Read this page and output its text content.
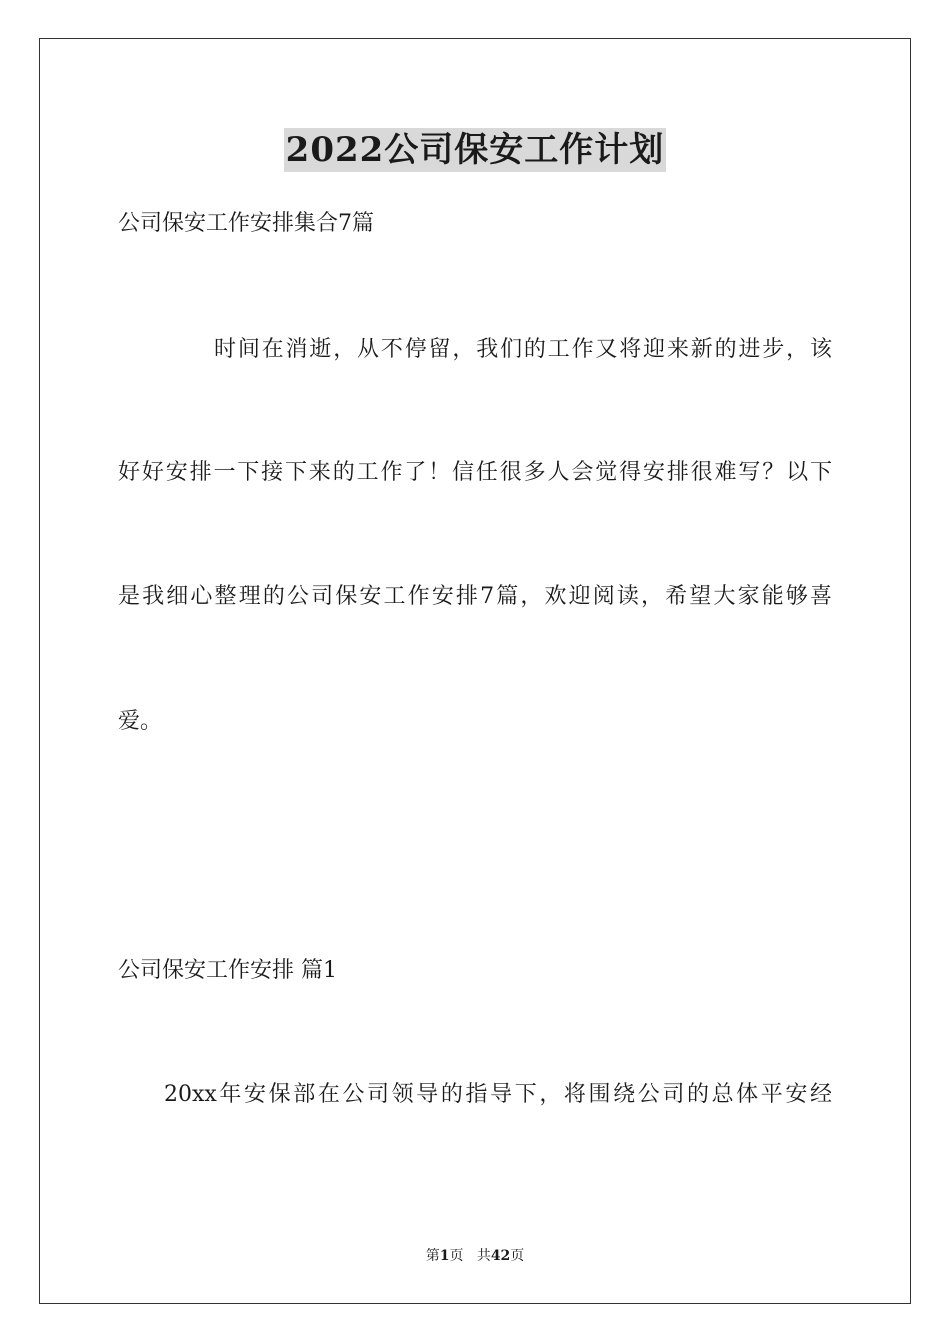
2022公司保安工作计划
公司保安工作安排集合7篇
时间在消逝，从不停留，我们的工作又将迎来新的进步，该
好好安排一下接下来的工作了！信任很多人会觉得安排很难写？以下
是我细心整理的公司保安工作安排7篇，欢迎阅读，希望大家能够喜
爱。
公司保安工作安排 篇1
20xx年安保部在公司领导的指导下，将围绕公司的总体平安经
第1页 共42页
